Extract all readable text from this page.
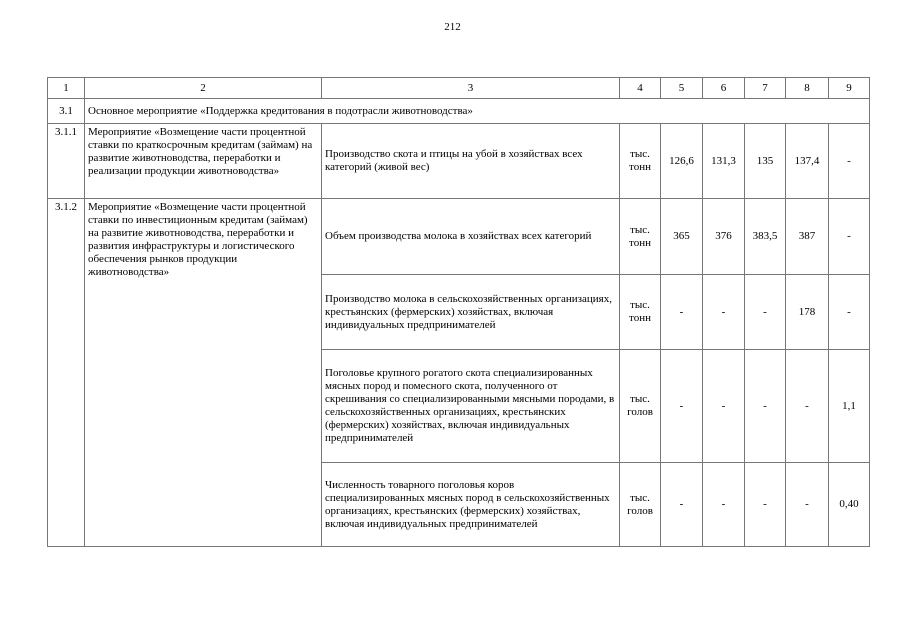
212
1	2	3	4	5	6	7	8	9
3.1	Основное мероприятие «Поддержка кредитования в подотрасли животноводства»							
3.1.1	Мероприятие «Возмещение части процентной ставки по краткосрочным кредитам (займам) на развитие животноводства, переработки и реализации продукции животноводства»	Производство скота и птицы на убой в хозяйствах всех категорий (живой вес)	тыс. тонн	126,6	131,3	135	137,4	-
3.1.2	Мероприятие «Возмещение части процентной ставки по инвестиционным кредитам (займам) на развитие животноводства, переработки и развития инфраструктуры и логистического обеспечения рынков продукции животноводства»	Объем производства молока в хозяйствах всех категорий	тыс. тонн	365	376	383,5	387	-
		Производство молока в сельскохозяйственных организациях, крестьянских (фермерских) хозяйствах, включая индивидуальных предпринимателей	тыс. тонн	-	-	-	178	-
		Поголовье крупного рогатого скота специализированных мясных пород и помесного скота, полученного от скрешивания со специализированными мясными породами, в сельскохозяйственных организациях, крестьянских (фермерских) хозяйствах, включая индивидуальных предпринимателей	тыс. голов	-	-	-	-	1,1
		Численность товарного поголовья коров специализированных мясных пород в сельскохозяйственных организациях, крестьянских (фермерских) хозяйствах, включая индивидуальных предпринимателей	тыс. голов	-	-	-	-	0,40
